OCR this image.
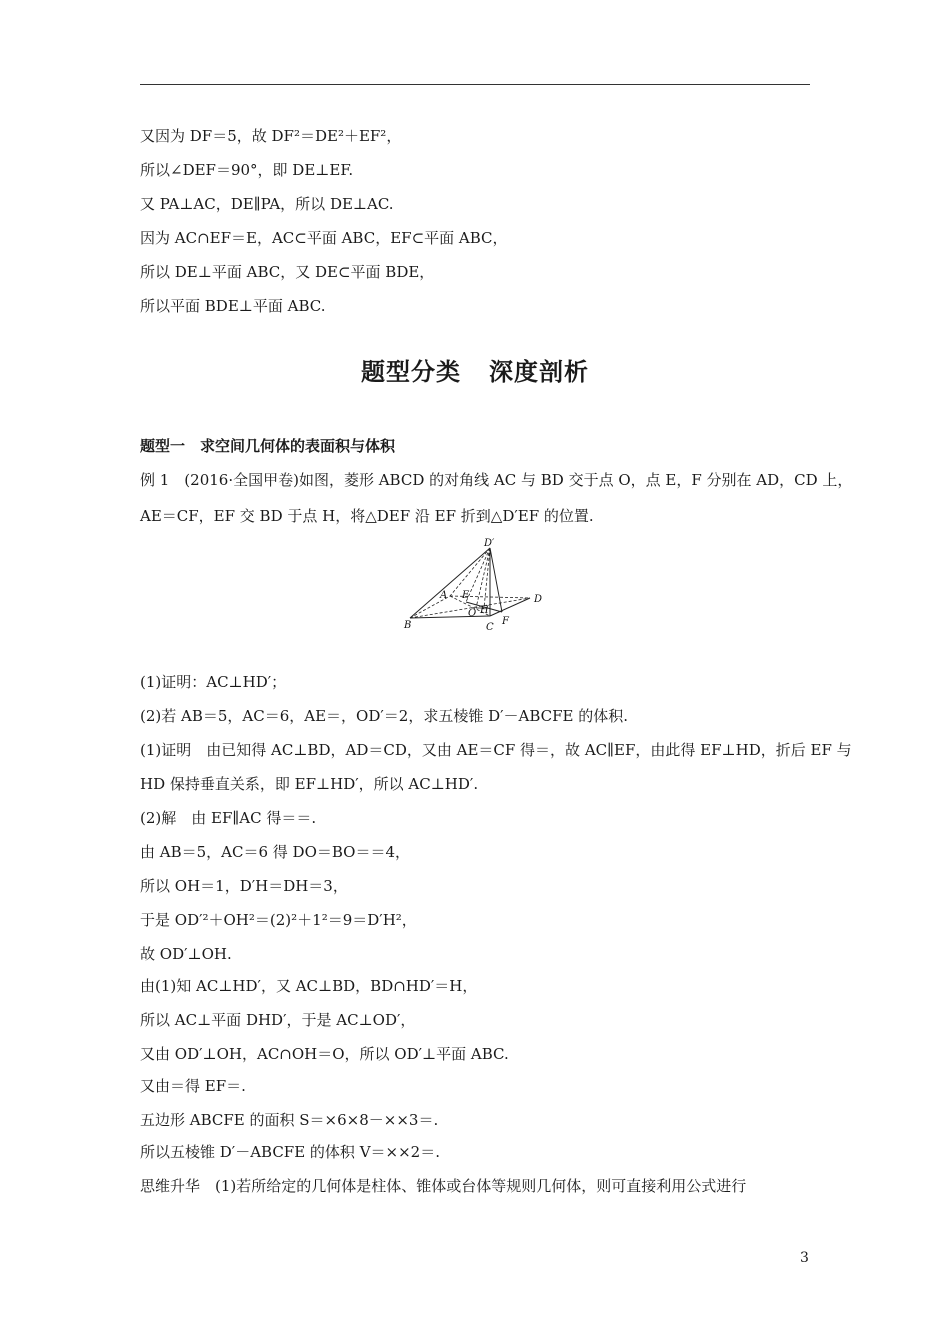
又因为 DF＝5，故 DF²＝DE²＋EF²，
所以∠DEF＝90°，即 DE⊥EF.
又 PA⊥AC，DE∥PA，所以 DE⊥AC.
因为 AC∩EF＝E，AC⊂平面 ABC，EF⊂平面 ABC，
所以 DE⊥平面 ABC，又 DE⊂平面 BDE，
所以平面 BDE⊥平面 ABC.
题型分类 深度剖析
题型一　求空间几何体的表面积与体积
例 1　(2016·全国甲卷)如图，菱形 ABCD 的对角线 AC 与 BD 交于点 O，点 E，F 分别在 AD，CD 上，
AE＝CF，EF 交 BD 于点 H，将△DEF 沿 EF 折到△D′EF 的位置.
D′
A E
O H
D
B	C
F
(1)证明：AC⊥HD′；
(2)若 AB＝5，AC＝6，AE＝，OD′＝2，求五棱锥 D′－ABCFE 的体积.
(1)证明　由已知得 AC⊥BD，AD＝CD，又由 AE＝CF 得＝，故 AC∥EF，由此得 EF⊥HD，折后 EF 与
HD 保持垂直关系，即 EF⊥HD′，所以 AC⊥HD′.
(2)解　由 EF∥AC 得＝＝.
由 AB＝5，AC＝6 得 DO＝BO＝＝4，
所以 OH＝1，D′H＝DH＝3，
于是 OD′²＋OH²＝(2)²＋1²＝9＝D′H²，
故 OD′⊥OH.
由(1)知 AC⊥HD′，又 AC⊥BD，BD∩HD′＝H，
所以 AC⊥平面 DHD′，于是 AC⊥OD′，
又由 OD′⊥OH，AC∩OH＝O，所以 OD′⊥平面 ABC.
又由＝得 EF＝.
五边形 ABCFE 的面积 S＝×6×8－××3＝.
所以五棱锥 D′－ABCFE 的体积 V＝××2＝.
思维升华　(1)若所给定的几何体是柱体、锥体或台体等规则几何体，则可直接利用公式进行
3
